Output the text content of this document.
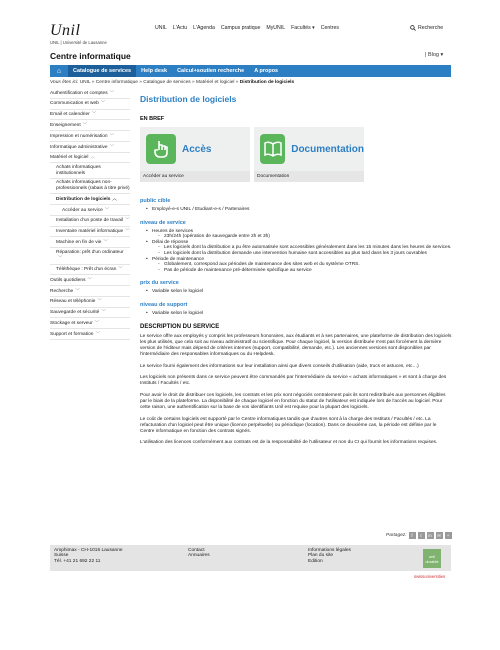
Unil
UNIL | Université de Lausanne
UNIL L'Actu L'Agenda Campus pratique MyUNIL Facultés ▾ Centres	Recherche
Centre informatique	| Blog ▾
⌂	Catalogue de services	Help desk	Calcul+soutien recherche	A propos
Vous êtes ici: UNIL » Centre informatique » Catalogue de services » Matériel et logiciel » Distribution de logiciels
Authentification et comptes ﹀
Communication et web ﹀
Email et calendrier ﹀
Enseignement ﹀
Impression et numérisation ﹀
Informatique administrative ﹀
Matériel et logiciel ︿
Achats informatiques institutionnels
Achats informatiques non-professionnels (rabais à titre privé)
Distribution de logiciels ︿
Accéder au service ﹀
Installation d'un poste de travail ﹀
Inventaire matériel informatique ﹀
Machine en fin de vie ﹀
Réparation: prêt d'un ordinateur﹀
Téléthèque : Prêt d'un écran ﹀
Outils quotidiens ﹀
Recherche ﹀
Réseau et téléphonie ﹀
Sauvegarde et sécurité ﹀
Stockage et serveur ﹀
Support et formation ﹀
Distribution de logiciels
EN BREF
Accès
Accéder au service
Documentation
Documentation
public cible
• Employé-e-s UNIL / Etudiant-e-s / Partenaires
niveau de service
• Heures de services
◦ 23h/24h (opération de sauvegarde entre 2h et 3h)
• Délai de réponse
◦ Les logiciels dont la distribution a pu être automatisée sont accessibles généralement dans les 15 minutes dans les heures de services.
◦ Les logiciels dont la distribution demande une intervention humaine sont accessibles au plus tard dans les 3 jours ouvrables
• Période de maintenance
◦ Globalement, correspond aux périodes de maintenance des sites web et du système OTRS.
◦ Pas de période de maintenance pré-déterminée spécifique au service
prix du service
• Variable selon le logiciel
niveau de support
• Variable selon le logiciel
DESCRIPTION DU SERVICE

Le service offre aux employés y compris les professeurs honoraires, aux étudiants et à ses partenaires, une plateforme de distribution des logiciels les plus utilisés, que cela soit au niveau administratif ou scientifique. Pour chaque logiciel, la version distribuée n'est pas forcément la dernière version de l'éditeur mais dépend de critères internes (support, compatibilité, demande, etc.). Les anciennes versions sont disponibles par l'intermédiaire des responsables informatiques ou du Helpdesk.

Le service fourni également des informations sur leur installation ainsi que divers conseils d'utilisation (aide, trucs et astuces, etc…)

Les logiciels non présents dans ce service peuvent être commandés par l'intermédiaire du service « achats informatiques » et sont à charge des Instituts / Facultés / etc.

Pour avoir le droit de distribuer ces logiciels, les contrats et les prix sont négociés centralement puis ils sont redistribués aux personnes éligibles par le biais de la plateforme. La disponibilité de chaque logiciel en fonction du statut de l'utilisateur est indiquée lors de l'accès au logiciel. Pour cette raison, une authentification sur la base de vos identifiants Unil est requise pour la plupart des logiciels.

Le coût de certains logiciels est supporté par le Centre informatiques tandis que d'autres sont à la charge des Instituts / Facultés / etc. La refacturation d'un logiciel peut être unique (licence perpétuelle) ou périodique (location). Dans ce deuxième cas, la période est définie par le Centre informatique en fonction des contrats signés.

L'utilisation des licences conformément aux contrats est de la responsabilité de l'utilisateur et non du CI qui fournit les informations requises.

Partagez:	f	t	in	✉	+
Amphimax - CH-1015 Lausanne
Suisse
Tél. +41 21 692 22 11
Contact
Annuaires
Informations légales
Plan du site
Edition
unil durable
swissuniversities
